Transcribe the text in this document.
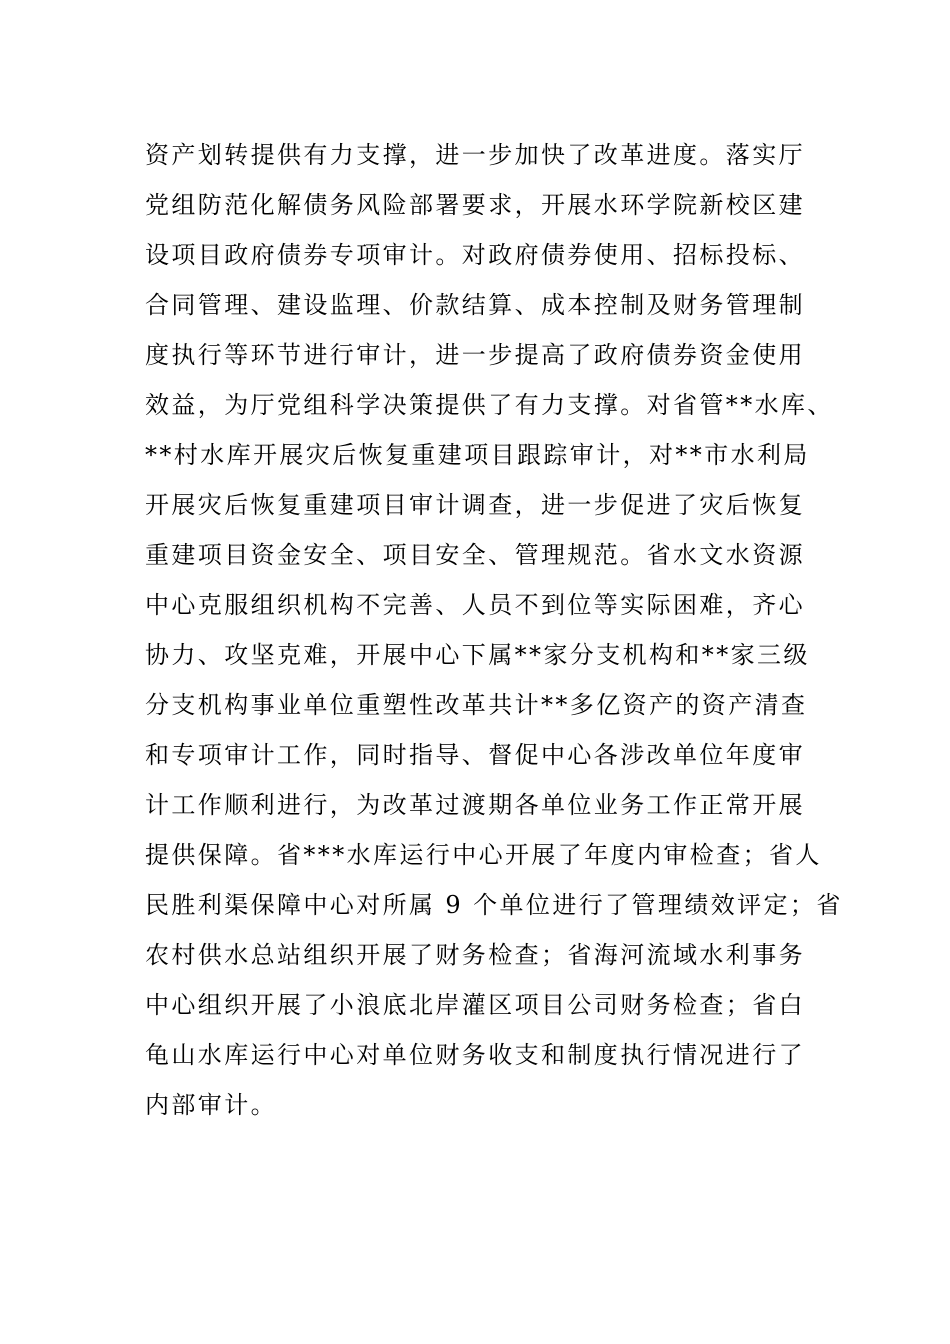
资产划转提供有力支撑，进一步加快了改革进度。落实厅
党组防范化解债务风险部署要求，开展水环学院新校区建
设项目政府债券专项审计。对政府债券使用、招标投标、
合同管理、建设监理、价款结算、成本控制及财务管理制
度执行等环节进行审计，进一步提高了政府债券资金使用
效益，为厅党组科学决策提供了有力支撑。对省管**水库、
**村水库开展灾后恢复重建项目跟踪审计，对**市水利局
开展灾后恢复重建项目审计调查，进一步促进了灾后恢复
重建项目资金安全、项目安全、管理规范。省水文水资源
中心克服组织机构不完善、人员不到位等实际困难，齐心
协力、攻坚克难，开展中心下属**家分支机构和**家三级
分支机构事业单位重塑性改革共计**多亿资产的资产清查
和专项审计工作，同时指导、督促中心各涉改单位年度审
计工作顺利进行，为改革过渡期各单位业务工作正常开展
提供保障。省***水库运行中心开展了年度内审检查；省人
民胜利渠保障中心对所属 9 个单位进行了管理绩效评定；省
农村供水总站组织开展了财务检查；省海河流域水利事务
中心组织开展了小浪底北岸灌区项目公司财务检查；省白
龟山水库运行中心对单位财务收支和制度执行情况进行了
内部审计。
